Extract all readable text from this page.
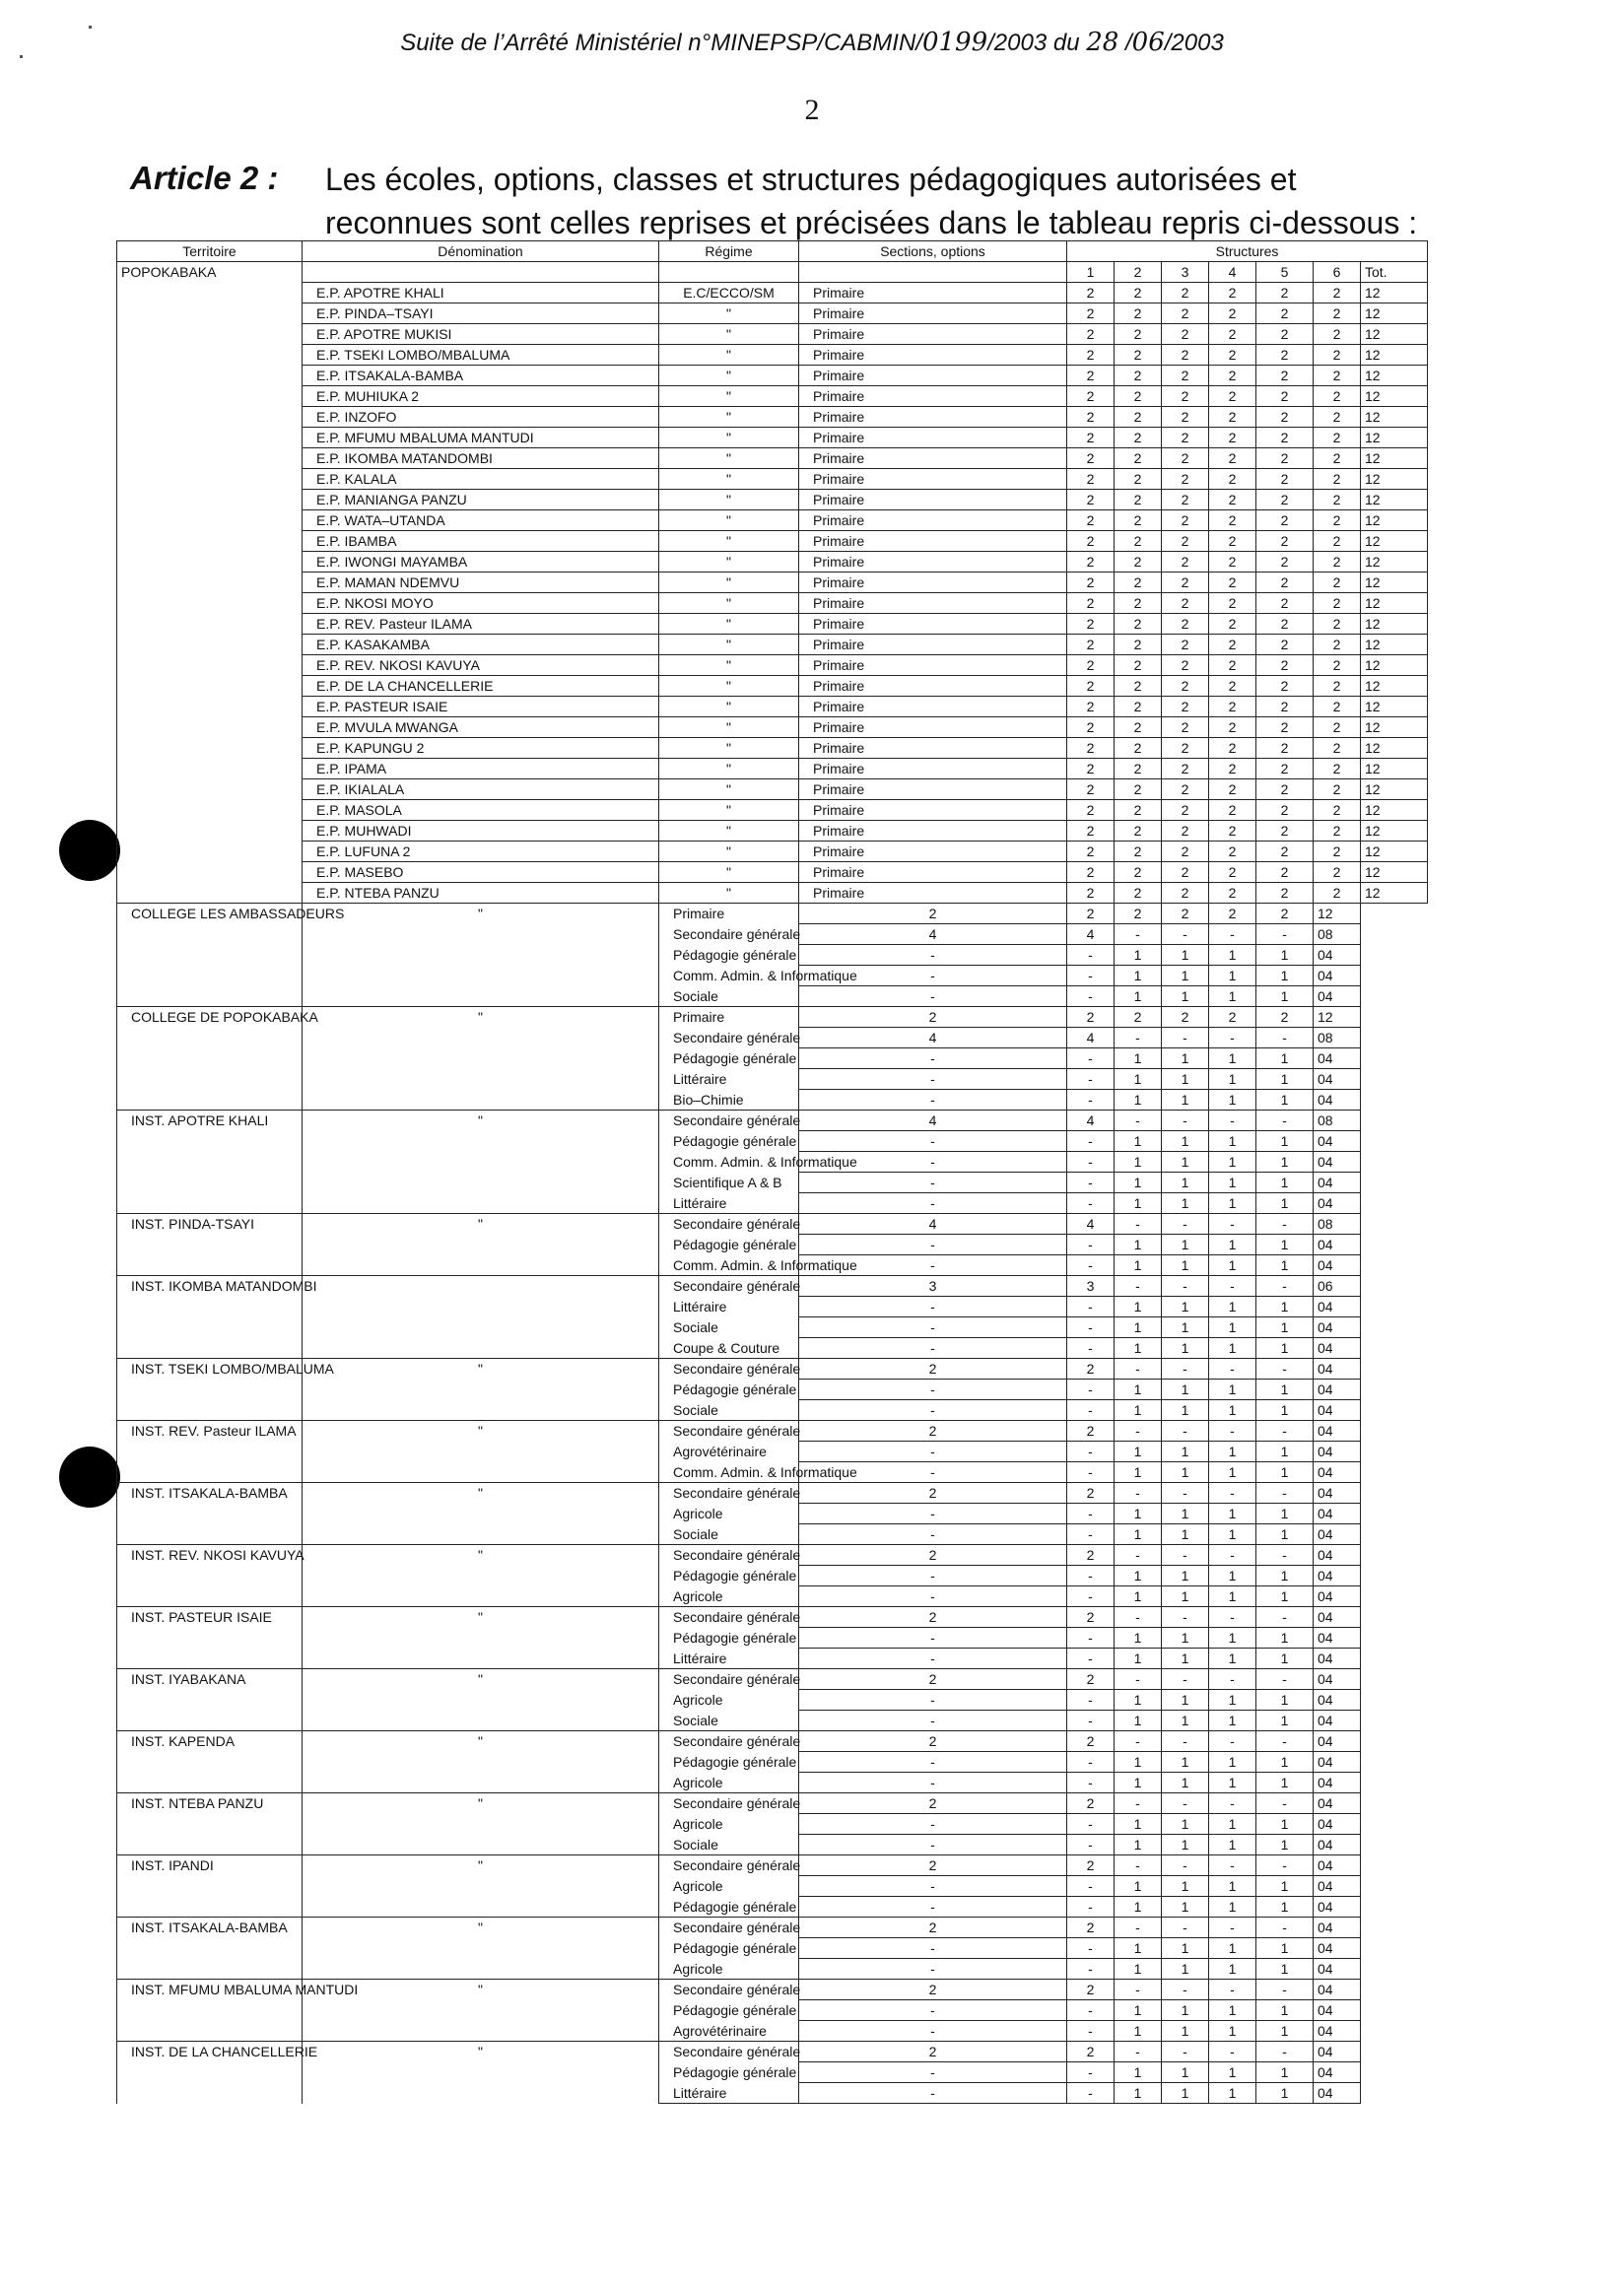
Suite de l’Arrêté Ministériel n°MINEPSP/CABMIN/0199/2003 du 28 /06/2003
2
Article 2 : Les écoles, options, classes et structures pédagogiques autorisées et reconnues sont celles reprises et précisées dans le tableau repris ci-dessous :
Territoire	Dénomination	Régime	Sections, options	Structures						
POPOKABAKA				1	2	3	4	5	6	Tot.
	E.P. APOTRE KHALI	E.C/ECCO/SM	Primaire	2	2	2	2	2	2	12
	E.P. PINDA–TSAYI	"	Primaire	2	2	2	2	2	2	12
	E.P. APOTRE MUKISI	"	Primaire	2	2	2	2	2	2	12
	E.P. TSEKI LOMBO/MBALUMA	"	Primaire	2	2	2	2	2	2	12
	E.P. ITSAKALA-BAMBA	"	Primaire	2	2	2	2	2	2	12
	E.P. MUHIUKA 2	"	Primaire	2	2	2	2	2	2	12
	E.P. INZOFO	"	Primaire	2	2	2	2	2	2	12
	E.P. MFUMU MBALUMA MANTUDI	"	Primaire	2	2	2	2	2	2	12
	E.P. IKOMBA MATANDOMBI	"	Primaire	2	2	2	2	2	2	12
	E.P. KALALA	"	Primaire	2	2	2	2	2	2	12
	E.P. MANIANGA PANZU	"	Primaire	2	2	2	2	2	2	12
	E.P. WATA–UTANDA	"	Primaire	2	2	2	2	2	2	12
	E.P. IBAMBA	"	Primaire	2	2	2	2	2	2	12
	E.P. IWONGI MAYAMBA	"	Primaire	2	2	2	2	2	2	12
	E.P. MAMAN NDEMVU	"	Primaire	2	2	2	2	2	2	12
	E.P. NKOSI MOYO	"	Primaire	2	2	2	2	2	2	12
	E.P. REV. Pasteur ILAMA	"	Primaire	2	2	2	2	2	2	12
	E.P. KASAKAMBA	"	Primaire	2	2	2	2	2	2	12
	E.P. REV. NKOSI KAVUYA	"	Primaire	2	2	2	2	2	2	12
	E.P. DE LA CHANCELLERIE	"	Primaire	2	2	2	2	2	2	12
	E.P. PASTEUR ISAIE	"	Primaire	2	2	2	2	2	2	12
	E.P. MVULA MWANGA	"	Primaire	2	2	2	2	2	2	12
	E.P. KAPUNGU 2	"	Primaire	2	2	2	2	2	2	12
	E.P. IPAMA	"	Primaire	2	2	2	2	2	2	12
	E.P. IKIALALA	"	Primaire	2	2	2	2	2	2	12
	E.P. MASOLA	"	Primaire	2	2	2	2	2	2	12
	E.P. MUHWADI	"	Primaire	2	2	2	2	2	2	12
	E.P. LUFUNA 2	"	Primaire	2	2	2	2	2	2	12
	E.P. MASEBO	"	Primaire	2	2	2	2	2	2	12
	E.P. NTEBA PANZU	"	Primaire	2	2	2	2	2	2	12
COLLEGE LES AMBASSADEURS	"	Primaire	2	2	2	2	2	2	12	
		Secondaire générale	4	4	-	-	-	-	08	
		Pédagogie générale	-	-	1	1	1	1	04	
		Comm. Admin. & Informatique	-	-	1	1	1	1	04	
		Sociale	-	-	1	1	1	1	04	
COLLEGE DE POPOKABAKA	"	Primaire	2	2	2	2	2	2	12	
		Secondaire générale	4	4	-	-	-	-	08	
		Pédagogie générale	-	-	1	1	1	1	04	
		Littéraire	-	-	1	1	1	1	04	
		Bio–Chimie	-	-	1	1	1	1	04	
INST. APOTRE KHALI	"	Secondaire générale	4	4	-	-	-	-	08	
		Pédagogie générale	-	-	1	1	1	1	04	
		Comm. Admin. & Informatique	-	-	1	1	1	1	04	
		Scientifique A & B	-	-	1	1	1	1	04	
		Littéraire	-	-	1	1	1	1	04	
INST. PINDA-TSAYI	"	Secondaire générale	4	4	-	-	-	-	08	
		Pédagogie générale	-	-	1	1	1	1	04	
		Comm. Admin. & Informatique	-	-	1	1	1	1	04	
INST. IKOMBA MATANDOMBI		Secondaire générale	3	3	-	-	-	-	06	
		Littéraire	-	-	1	1	1	1	04	
		Sociale	-	-	1	1	1	1	04	
		Coupe & Couture	-	-	1	1	1	1	04	
INST. TSEKI LOMBO/MBALUMA	"	Secondaire générale	2	2	-	-	-	-	04	
		Pédagogie générale	-	-	1	1	1	1	04	
		Sociale	-	-	1	1	1	1	04	
INST. REV. Pasteur ILAMA	"	Secondaire générale	2	2	-	-	-	-	04	
		Agrovétérinaire	-	-	1	1	1	1	04	
		Comm. Admin. & Informatique	-	-	1	1	1	1	04	
INST. ITSAKALA-BAMBA	"	Secondaire générale	2	2	-	-	-	-	04	
		Agricole	-	-	1	1	1	1	04	
		Sociale	-	-	1	1	1	1	04	
INST. REV. NKOSI KAVUYA	"	Secondaire générale	2	2	-	-	-	-	04	
		Pédagogie générale	-	-	1	1	1	1	04	
		Agricole	-	-	1	1	1	1	04	
INST. PASTEUR ISAIE	"	Secondaire générale	2	2	-	-	-	-	04	
		Pédagogie générale	-	-	1	1	1	1	04	
		Littéraire	-	-	1	1	1	1	04	
INST. IYABAKANA	"	Secondaire générale	2	2	-	-	-	-	04	
		Agricole	-	-	1	1	1	1	04	
		Sociale	-	-	1	1	1	1	04	
INST. KAPENDA	"	Secondaire générale	2	2	-	-	-	-	04	
		Pédagogie générale	-	-	1	1	1	1	04	
		Agricole	-	-	1	1	1	1	04	
INST. NTEBA PANZU	"	Secondaire générale	2	2	-	-	-	-	04	
		Agricole	-	-	1	1	1	1	04	
		Sociale	-	-	1	1	1	1	04	
INST. IPANDI	"	Secondaire générale	2	2	-	-	-	-	04	
		Agricole	-	-	1	1	1	1	04	
		Pédagogie générale	-	-	1	1	1	1	04	
INST. ITSAKALA-BAMBA	"	Secondaire générale	2	2	-	-	-	-	04	
		Pédagogie générale	-	-	1	1	1	1	04	
		Agricole	-	-	1	1	1	1	04	
INST. MFUMU MBALUMA MANTUDI	"	Secondaire générale	2	2	-	-	-	-	04	
		Pédagogie générale	-	-	1	1	1	1	04	
		Agrovétérinaire	-	-	1	1	1	1	04	
INST. DE LA CHANCELLERIE	"	Secondaire générale	2	2	-	-	-	-	04	
		Pédagogie générale	-	-	1	1	1	1	04	
		Littéraire	-	-	1	1	1	1	04	
